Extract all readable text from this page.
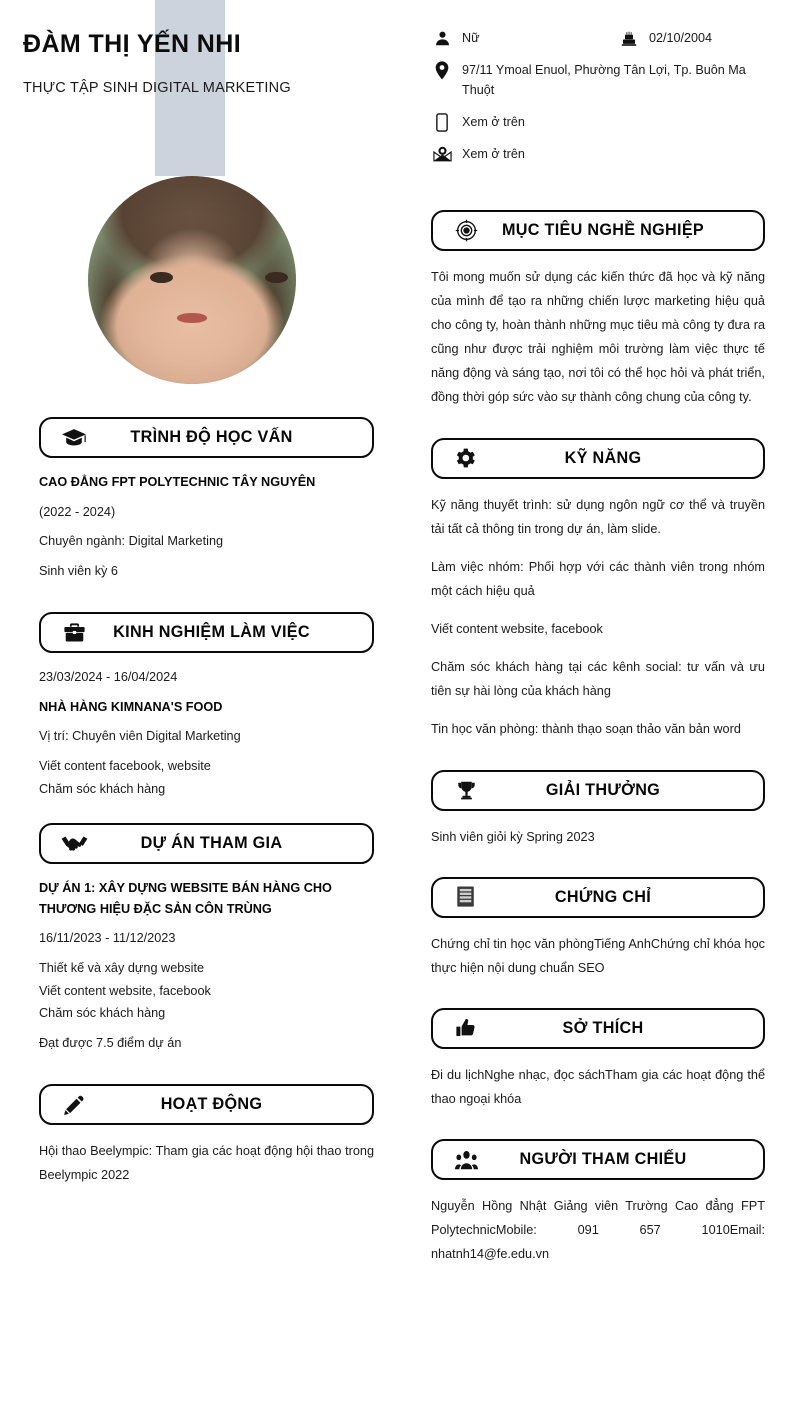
ĐÀM THỊ YẾN NHI
THỰC TẬP SINH DIGITAL MARKETING
Nữ	02/10/2004
97/11 Ymoal Enuol, Phường Tân Lợi, Tp. Buôn Ma Thuột
Xem ở trên
Xem ở trên
MỤC TIÊU NGHỀ NGHIỆP
Tôi mong muốn sử dụng các kiến thức đã học và kỹ năng của mình để tạo ra những chiến lược marketing hiệu quả cho công ty, hoàn thành những mục tiêu mà công ty đưa ra cũng như được trải nghiệm môi trường làm việc thực tế năng động và sáng tạo, nơi tôi có thể học hỏi và phát triển, đồng thời góp sức vào sự thành công chung của công ty.
KỸ NĂNG
Kỹ năng thuyết trình: sử dụng ngôn ngữ cơ thể và truyền tải tất cả thông tin trong dự án, làm slide.
Làm việc nhóm: Phối hợp với các thành viên trong nhóm một cách hiệu quả
Viết content website, facebook
Chăm sóc khách hàng tại các kênh social: tư vấn và ưu tiên sự hài lòng của khách hàng
Tin học văn phòng: thành thạo soạn thảo văn bản word
GIẢI THƯỞNG
Sinh viên giỏi kỳ Spring 2023
CHỨNG CHỈ
Chứng chỉ tin học văn phòngTiếng AnhChứng chỉ khóa học thực hiện nội dung chuẩn SEO
SỞ THÍCH
Đi du lịchNghe nhạc, đọc sáchTham gia các hoạt động thể thao ngoại khóa
NGƯỜI THAM CHIẾU
Nguyễn Hồng Nhật Giảng viên Trường Cao đẳng FPT PolytechnicMobile: 091 657 1010Email: nhatnh14@fe.edu.vn
TRÌNH ĐỘ HỌC VẤN
CAO ĐẲNG FPT POLYTECHNIC TÂY NGUYÊN
(2022 - 2024)
Chuyên ngành: Digital Marketing
Sinh viên kỳ 6
KINH NGHIỆM LÀM VIỆC
23/03/2024 - 16/04/2024
NHÀ HÀNG KIMNANA'S FOOD
Vị trí: Chuyên viên Digital Marketing
Viết content facebook, website
Chăm sóc khách hàng
DỰ ÁN THAM GIA
DỰ ÁN 1: XÂY DỰNG WEBSITE BÁN HÀNG CHO THƯƠNG HIỆU ĐẶC SẢN CÔN TRÙNG
16/11/2023 - 11/12/2023
Thiết kế và xây dựng website
Viết content website, facebook
Chăm sóc khách hàng
Đạt được 7.5 điểm dự án
HOẠT ĐỘNG
Hội thao Beelympic: Tham gia các hoạt động hội thao trong Beelympic 2022
